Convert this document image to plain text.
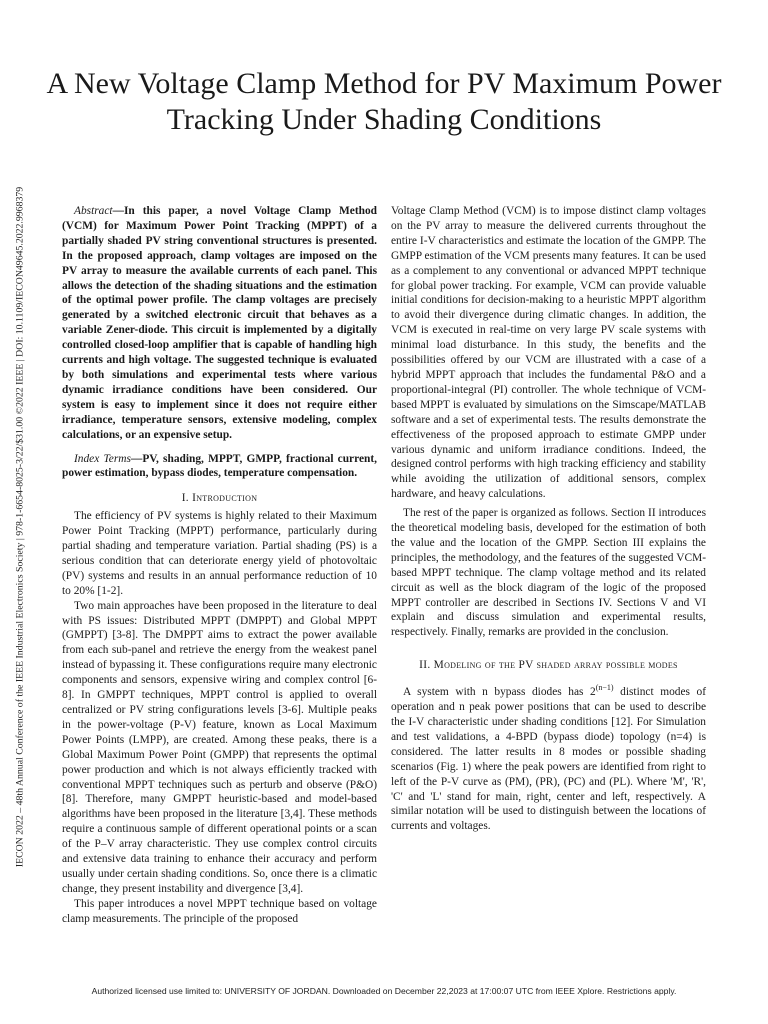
A New Voltage Clamp Method for PV Maximum Power Tracking Under Shading Conditions
IECON 2022 – 48th Annual Conference of the IEEE Industrial Electronics Society | 978-1-6654-8025-3/22/$31.00 ©2022 IEEE | DOI: 10.1109/IECON49645.2022.9968379	Abstract—In this paper, a novel Voltage Clamp Method (VCM) for Maximum Power Point Tracking (MPPT) of a partially shaded PV string conventional structures is presented. In the proposed approach, clamp voltages are imposed on the PV array to measure the available currents of each panel. This allows the detection of the shading situations and the estimation of the optimal power profile. The clamp voltages are precisely generated by a switched electronic circuit that behaves as a variable Zener-diode. This circuit is implemented by a digitally controlled closed-loop amplifier that is capable of handling high currents and high voltage. The suggested technique is evaluated by both simulations and experimental tests where various dynamic irradiance conditions have been considered. Our system is easy to implement since it does not require either irradiance, temperature sensors, extensive modeling, complex calculations, or an expensive setup.

Index Terms—PV, shading, MPPT, GMPP, fractional current, power estimation, bypass diodes, temperature compensation.

I. Introduction

The efficiency of PV systems is highly related to their Maximum Power Point Tracking (MPPT) performance, particularly during partial shading and temperature variation. Partial shading (PS) is a serious condition that can deteriorate energy yield of photovoltaic (PV) systems and results in an annual performance reduction of 10 to 20% [1-2].

Two main approaches have been proposed in the literature to deal with PS issues: Distributed MPPT (DMPPT) and Global MPPT (GMPPT) [3-8]. The DMPPT aims to extract the power available from each sub-panel and retrieve the energy from the weakest panel instead of bypassing it. These configurations require many electronic components and sensors, expensive wiring and complex control [6-8]. In GMPPT techniques, MPPT control is applied to overall centralized or PV string configurations levels [3-6]. Multiple peaks in the power-voltage (P-V) feature, known as Local Maximum Power Points (LMPP), are created. Among these peaks, there is a Global Maximum Power Point (GMPP) that represents the optimal power production and which is not always efficiently tracked with conventional MPPT techniques such as perturb and observe (P&O) [8]. Therefore, many GMPPT heuristic-based and model-based algorithms have been proposed in the literature [3,4]. These methods require a continuous sample of different operational points or a scan of the P–V array characteristic. They use complex control circuits and extensive data training to enhance their accuracy and perform usually under certain shading conditions. So, once there is a climatic change, they present instability and divergence [3,4].

This paper introduces a novel MPPT technique based on voltage clamp measurements. The principle of the proposed

Voltage Clamp Method (VCM) is to impose distinct clamp voltages on the PV array to measure the delivered currents throughout the entire I-V characteristics and estimate the location of the GMPP. The GMPP estimation of the VCM presents many features. It can be used as a complement to any conventional or advanced MPPT technique for global power tracking. For example, VCM can provide valuable initial conditions for decision-making to a heuristic MPPT algorithm to avoid their divergence during climatic changes. In addition, the VCM is executed in real-time on very large PV scale systems with minimal load disturbance. In this study, the benefits and the possibilities offered by our VCM are illustrated with a case of a hybrid MPPT approach that includes the fundamental P&O and a proportional-integral (PI) controller. The whole technique of VCM-based MPPT is evaluated by simulations on the Simscape/MATLAB software and a set of experimental tests. The results demonstrate the effectiveness of the proposed approach to estimate GMPP under various dynamic and uniform irradiance conditions. Indeed, the designed control performs with high tracking efficiency and stability while avoiding the utilization of additional sensors, complex hardware, and heavy calculations.

The rest of the paper is organized as follows. Section II introduces the theoretical modeling basis, developed for the estimation of both the value and the location of the GMPP. Section III explains the principles, the methodology, and the features of the suggested VCM-based MPPT technique. The clamp voltage method and its related circuit as well as the block diagram of the logic of the proposed MPPT controller are described in Sections IV. Sections V and VI explain and discuss simulation and experimental results, respectively. Finally, remarks are provided in the conclusion.

II. Modeling of the PV shaded array possible modes

A system with n bypass diodes has $2^{(n-1)}$ distinct modes of operation and n peak power positions that can be used to describe the I-V characteristic under shading conditions [12]. For Simulation and test validations, a 4-BPD (bypass diode) topology (n=4) is considered. The latter results in 8 modes or possible shading scenarios (Fig. 1) where the peak powers are identified from right to left of the P-V curve as (PM), (PR), (PC) and (PL). Where 'M', 'R', 'C' and 'L' stand for main, right, center and left, respectively. A similar notation will be used to distinguish between the locations of currents and voltages.

Authorized licensed use limited to: UNIVERSITY OF JORDAN. Downloaded on December 22,2023 at 17:00:07 UTC from IEEE Xplore. Restrictions apply.
